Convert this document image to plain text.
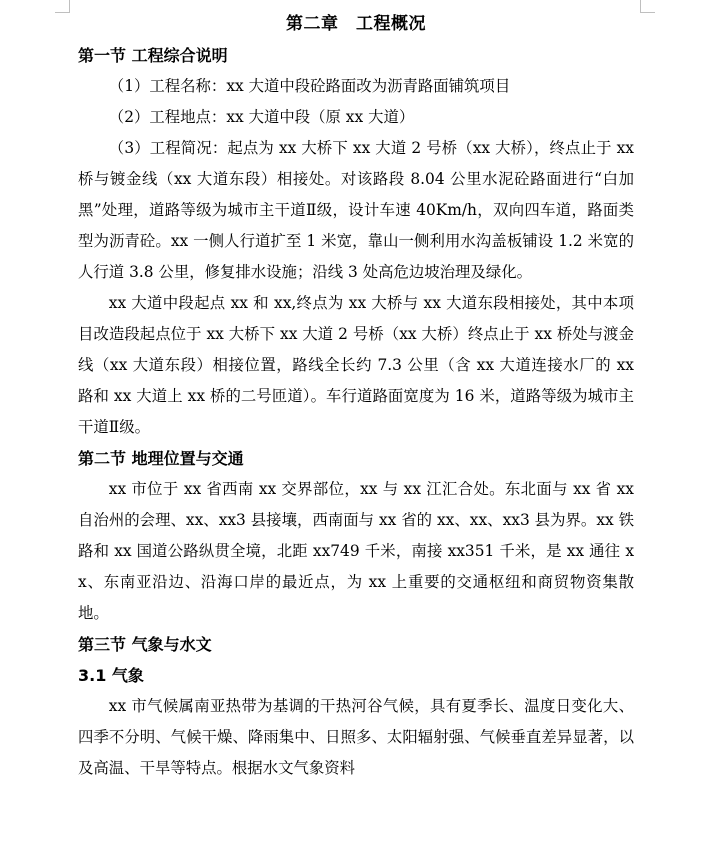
第二章　工程概况
第一节 工程综合说明

（1）工程名称：xx 大道中段砼路面改为沥青路面铺筑项目

（2）工程地点：xx 大道中段（原 xx 大道）

（3）工程简况：起点为 xx 大桥下 xx 大道 2 号桥（xx 大桥），终点止于 xx 桥与镀金线（xx 大道东段）相接处。对该路段 8.04 公里水泥砼路面进行“白加黑”处理，道路等级为城市主干道Ⅱ级，设计车速 40Km/h，双向四车道，路面类型为沥青砼。xx 一侧人行道扩至 1 米宽，靠山一侧利用水沟盖板铺设 1.2 米宽的人行道 3.8 公里，修复排水设施；沿线 3 处高危边坡治理及绿化。

xx 大道中段起点 xx 和 xx,终点为 xx 大桥与 xx 大道东段相接处，其中本项目改造段起点位于 xx 大桥下 xx 大道 2 号桥（xx 大桥）终点止于 xx 桥处与渡金线（xx 大道东段）相接位置，路线全长约 7.3 公里（含 xx 大道连接水厂的 xx 路和 xx 大道上 xx 桥的二号匝道）。车行道路面宽度为 16 米，道路等级为城市主干道Ⅱ级。

第二节 地理位置与交通

xx 市位于 xx 省西南 xx 交界部位，xx 与 xx 江汇合处。东北面与 xx 省 xx 自治州的会理、xx、xx3 县接壤，西南面与 xx 省的 xx、xx、xx3 县为界。xx 铁路和 xx 国道公路纵贯全境，北距 xx749 千米，南接 xx351 千米，是 xx 通往 xx、东南亚沿边、沿海口岸的最近点，为 xx 上重要的交通枢纽和商贸物资集散地。

第三节 气象与水文
3.1 气象

xx 市气候属南亚热带为基调的干热河谷气候，具有夏季长、温度日变化大、四季不分明、气候干燥、降雨集中、日照多、太阳辐射强、气候垂直差异显著，以及高温、干旱等特点。根据水文气象资料
